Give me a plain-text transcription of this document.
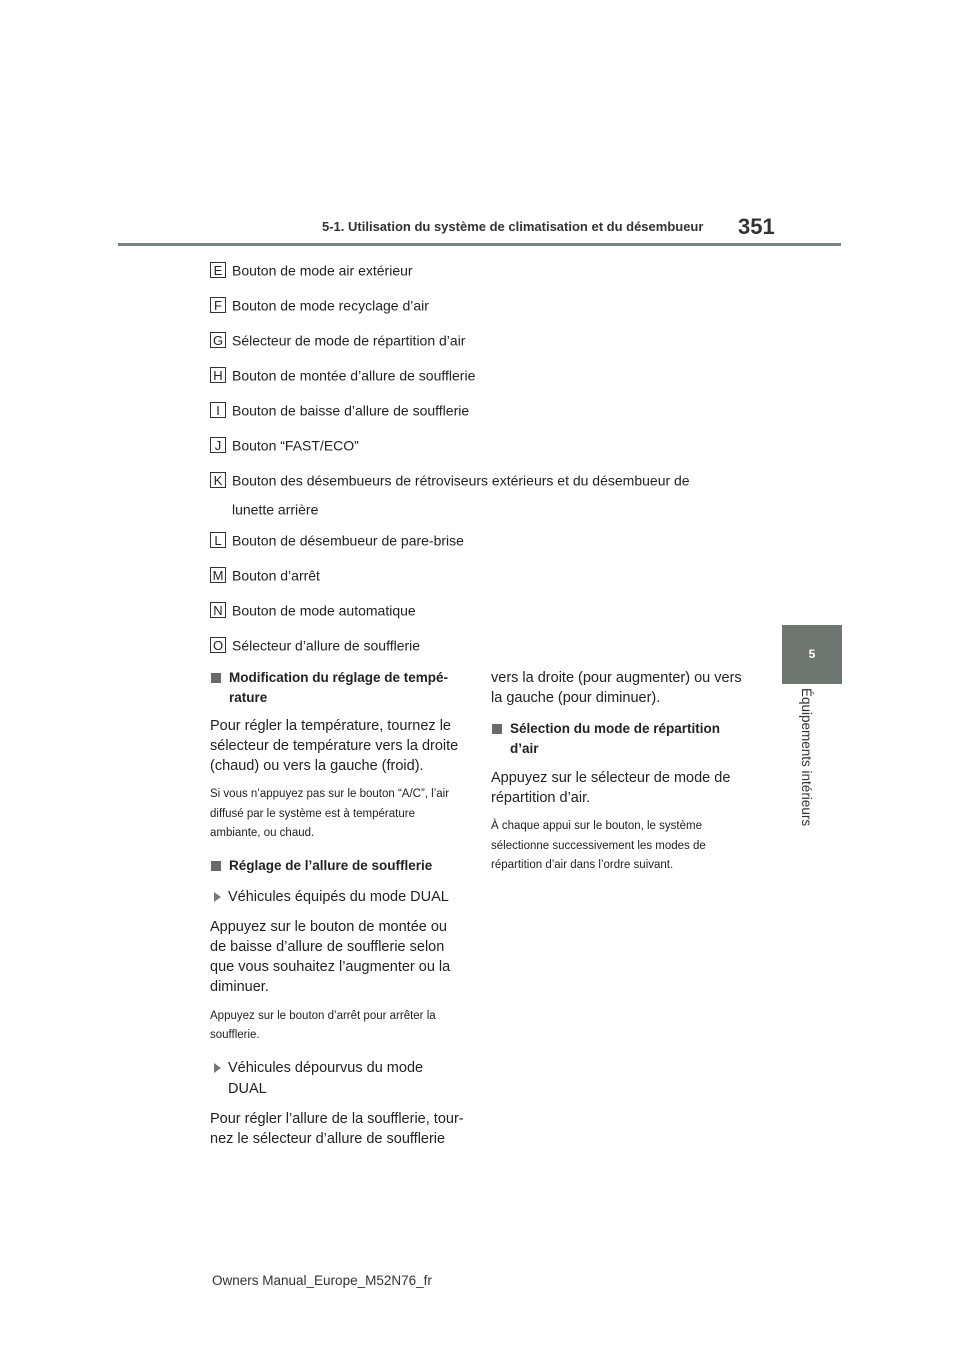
5-1. Utilisation du système de climatisation et du désembueur 351
5
Équipements intérieurs
E Bouton de mode air extérieur
F Bouton de mode recyclage d’air
G Sélecteur de mode de répartition d’air
H Bouton de montée d’allure de soufflerie
I Bouton de baisse d’allure de soufflerie
J Bouton “FAST/ECO”
K Bouton des désembueurs de rétroviseurs extérieurs et du désembueur de
lunette arrière
L Bouton de désembueur de pare-brise
M Bouton d’arrêt
N Bouton de mode automatique
O Sélecteur d’allure de soufflerie

Modification du réglage de tempé- rature

Pour régler la température, tournez le sélecteur de température vers la droite (chaud) ou vers la gauche (froid).

Si vous n’appuyez pas sur le bouton “A/C”, l’air diffusé par le système est à température ambiante, ou chaud.

Réglage de l’allure de soufflerie

Véhicules équipés du mode DUAL

Appuyez sur le bouton de montée ou de baisse d’allure de soufflerie selon que vous souhaitez l’augmenter ou la diminuer.

Appuyez sur le bouton d’arrêt pour arrêter la soufflerie.

Véhicules dépourvus du mode DUAL

Pour régler l’allure de la soufflerie, tour- nez le sélecteur d’allure de soufflerie

vers la droite (pour augmenter) ou vers la gauche (pour diminuer).

Sélection du mode de répartition d’air

Appuyez sur le sélecteur de mode de répartition d’air.

À chaque appui sur le bouton, le système sélectionne successivement les modes de répartition d’air dans l’ordre suivant.

Owners Manual_Europe_M52N76_fr
